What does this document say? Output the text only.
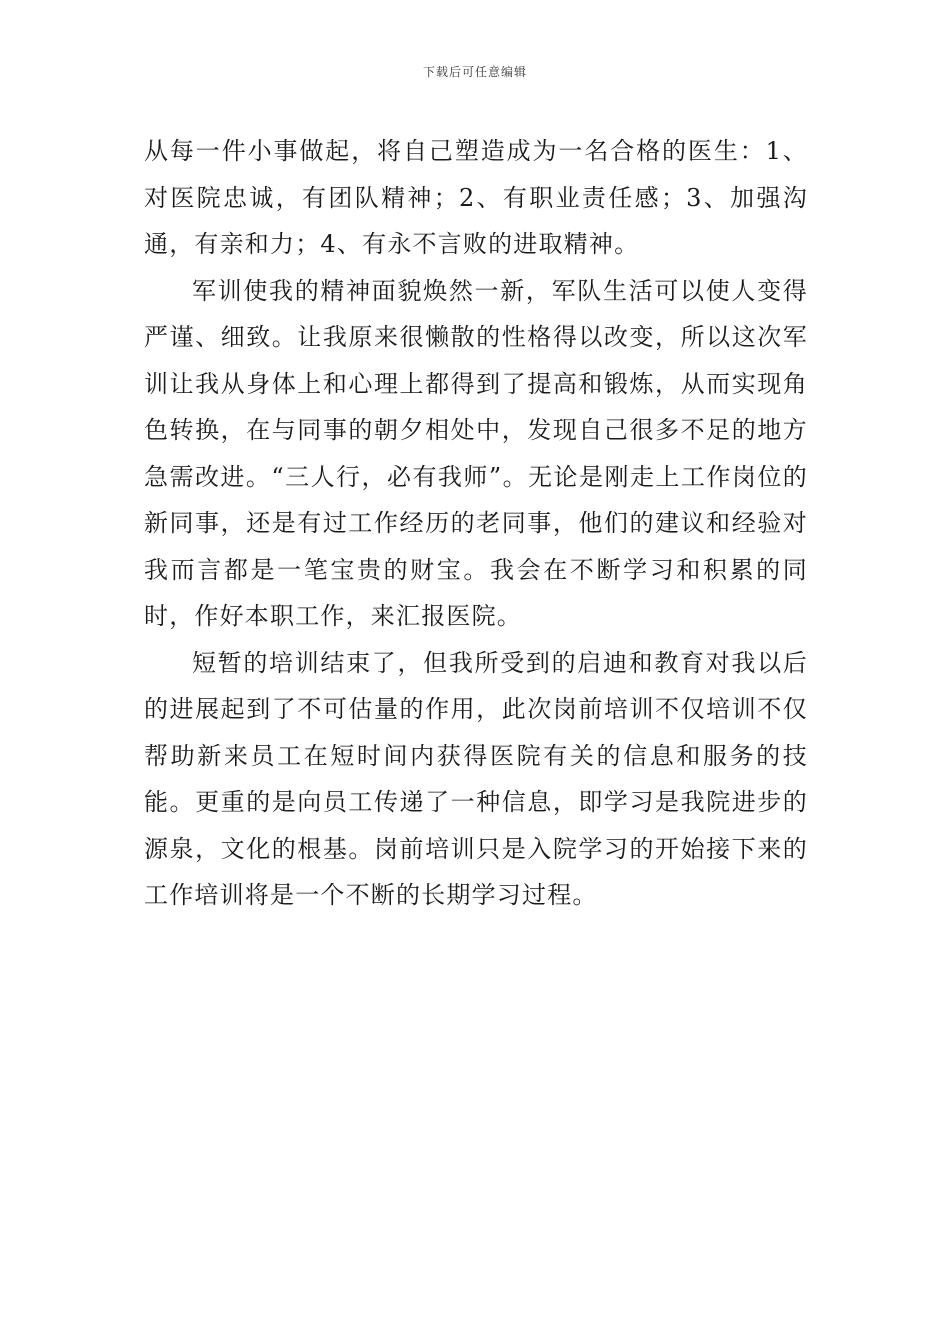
下载后可任意编辑

从每一件小事做起，将自己塑造成为一名合格的医生：1、对医院忠诚，有团队精神；2、有职业责任感；3、加强沟通，有亲和力；4、有永不言败的进取精神。

军训使我的精神面貌焕然一新，军队生活可以使人变得严谨、细致。让我原来很懒散的性格得以改变，所以这次军训让我从身体上和心理上都得到了提高和锻炼，从而实现角色转换，在与同事的朝夕相处中，发现自己很多不足的地方急需改进。“三人行，必有我师”。无论是刚走上工作岗位的新同事，还是有过工作经历的老同事，他们的建议和经验对我而言都是一笔宝贵的财宝。我会在不断学习和积累的同时，作好本职工作，来汇报医院。

短暂的培训结束了，但我所受到的启迪和教育对我以后的进展起到了不可估量的作用，此次岗前培训不仅培训不仅帮助新来员工在短时间内获得医院有关的信息和服务的技能。更重的是向员工传递了一种信息，即学习是我院进步的源泉，文化的根基。岗前培训只是入院学习的开始接下来的工作培训将是一个不断的长期学习过程。
